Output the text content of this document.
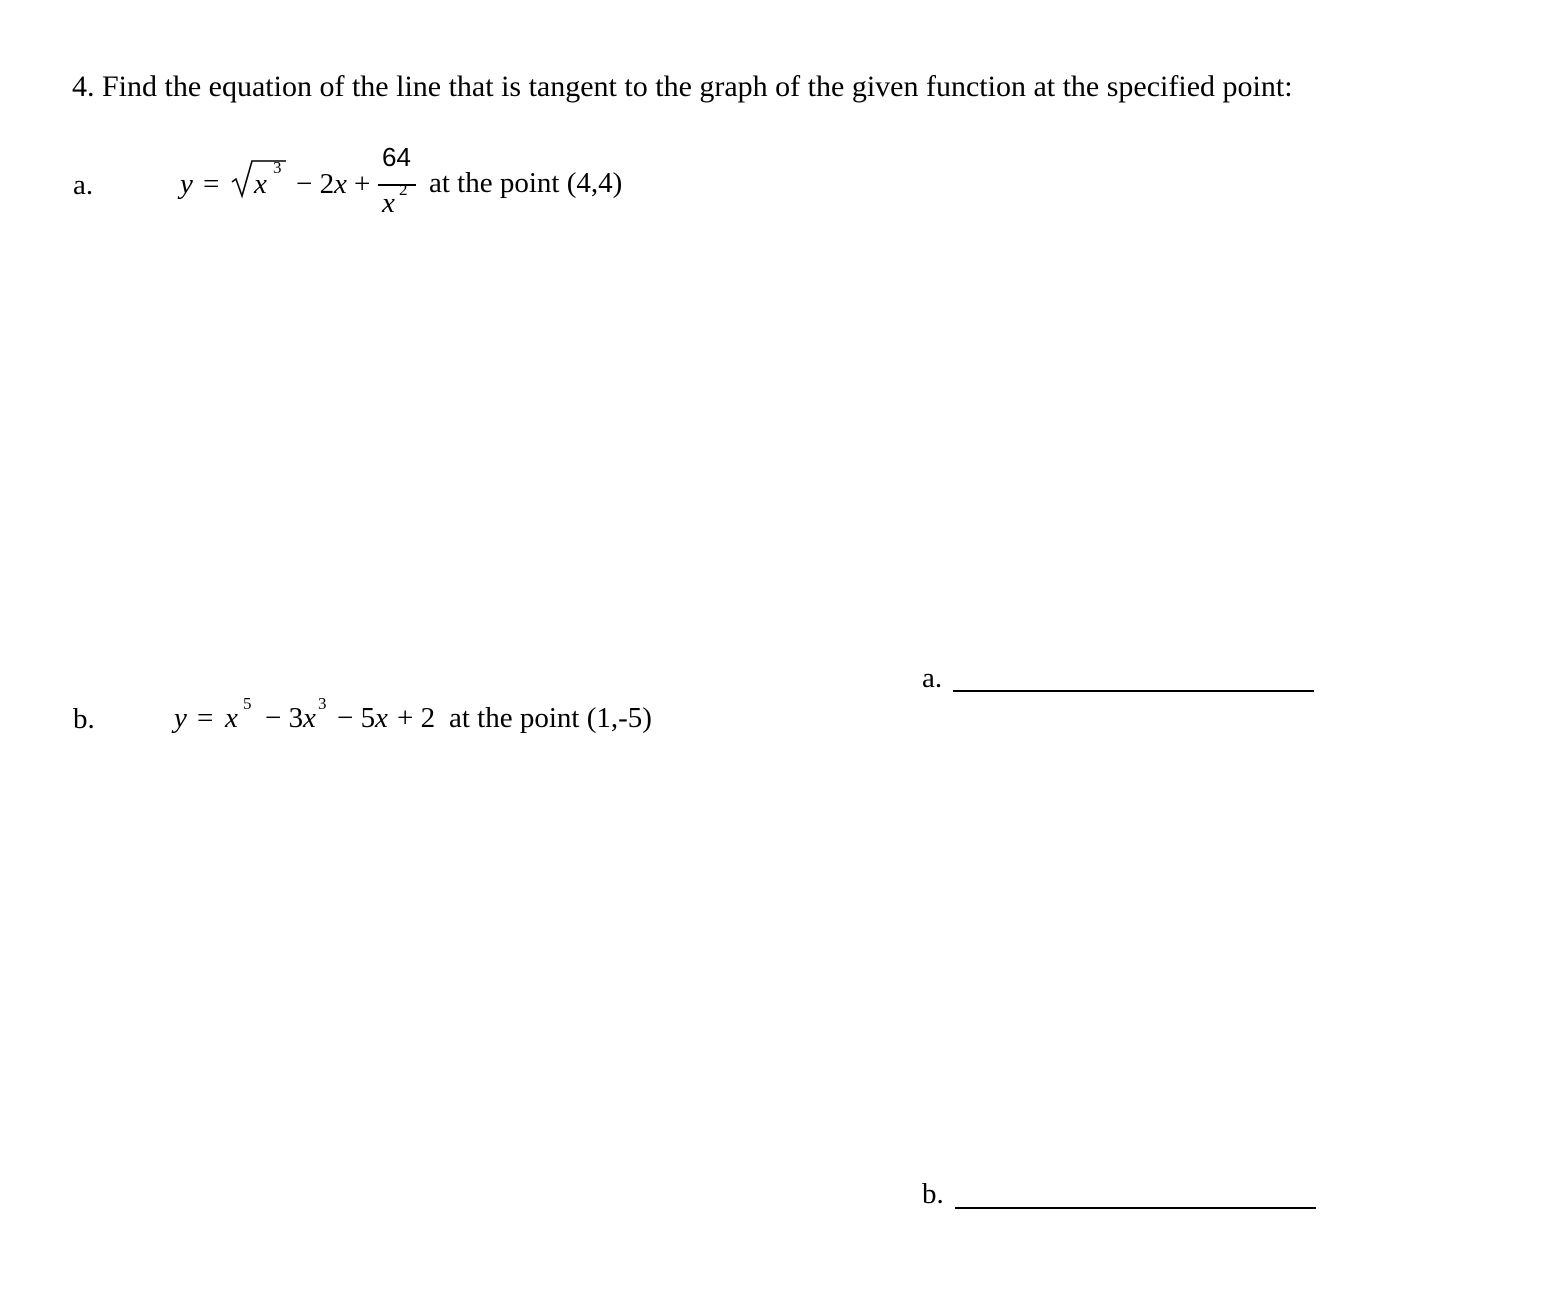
4. Find the equation of the line that is tangent to the graph of the given function at the specified point:
a.	y = x
3
− 2 x +
64
x 2 at the point (4,4)
b.	y = x 5 − 3 x 3 − 5 x + 2 at the point (1,-5)
a.
b.
